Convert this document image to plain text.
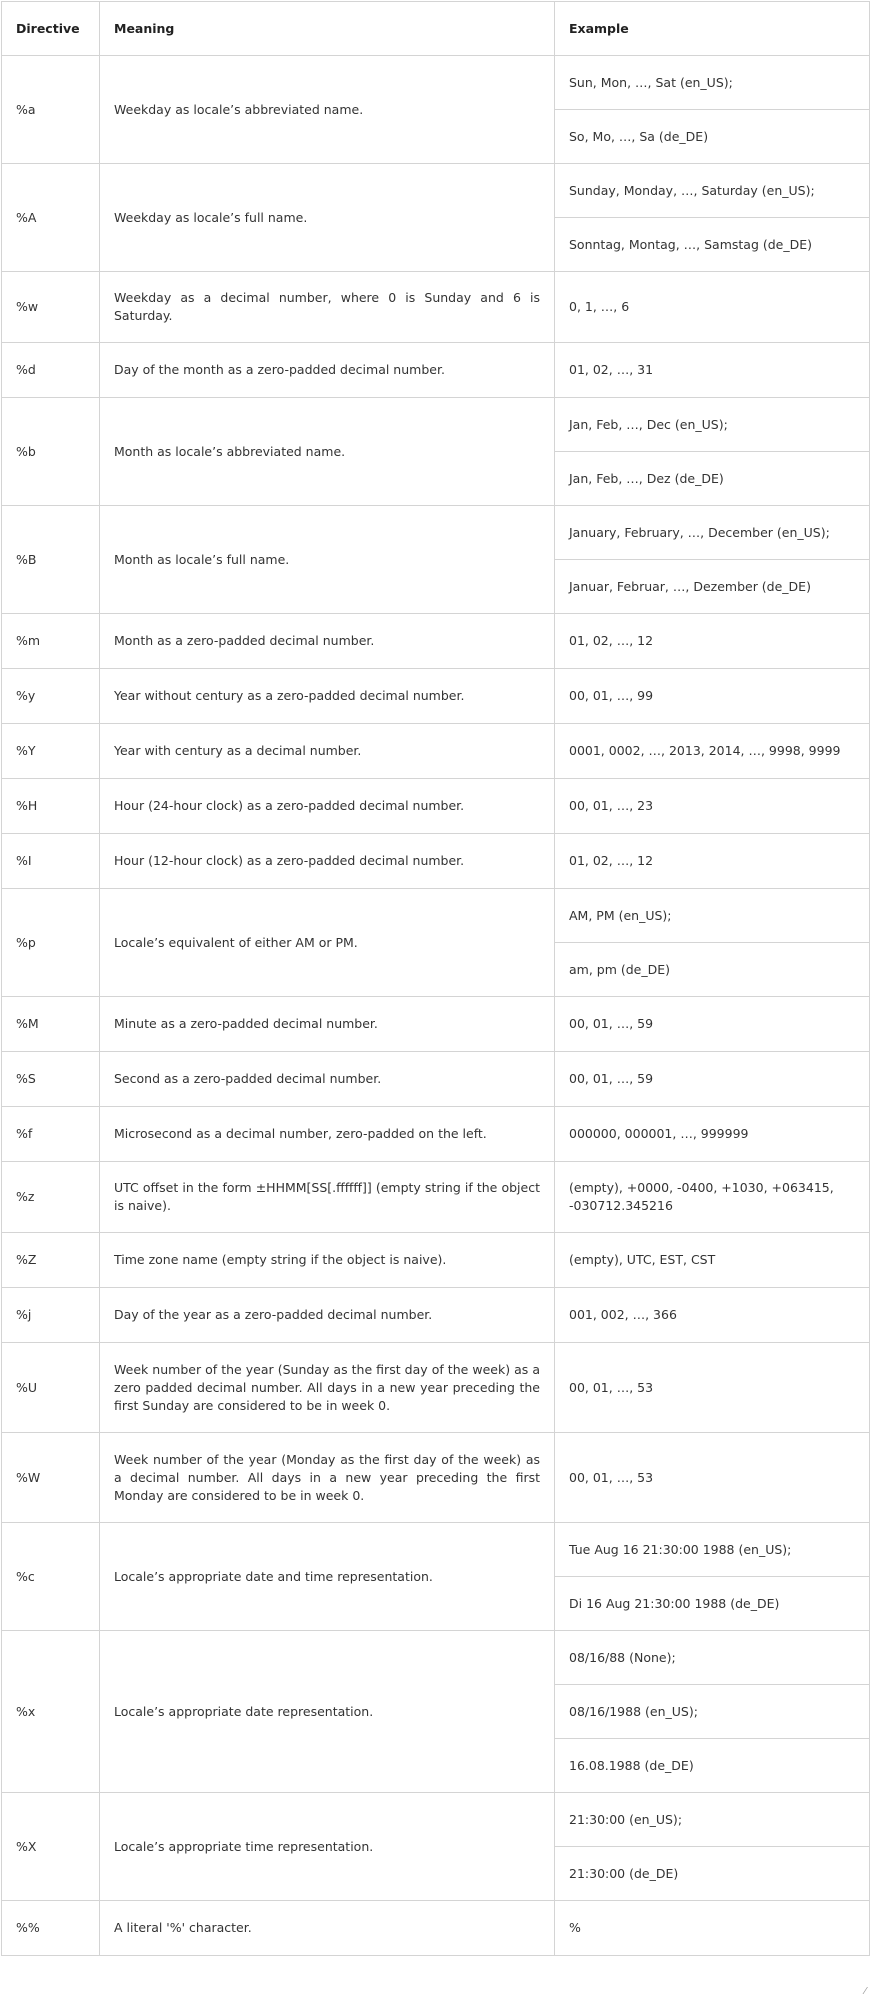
Directive	Meaning	Example
%a	Weekday as locale’s abbreviated name.	Sun, Mon, …, Sat (en_US);
		So, Mo, …, Sa (de_DE)
%A	Weekday as locale’s full name.	Sunday, Monday, …, Saturday (en_US);
		Sonntag, Montag, …, Samstag (de_DE)
%w	Weekday as a decimal number, where 0 is Sunday and 6 is Saturday.	0, 1, …, 6
%d	Day of the month as a zero-padded decimal number.	01, 02, …, 31
%b	Month as locale’s abbreviated name.	Jan, Feb, …, Dec (en_US);
		Jan, Feb, …, Dez (de_DE)
%B	Month as locale’s full name.	January, February, …, December (en_US);
		Januar, Februar, …, Dezember (de_DE)
%m	Month as a zero-padded decimal number.	01, 02, …, 12
%y	Year without century as a zero-padded decimal number.	00, 01, …, 99
%Y	Year with century as a decimal number.	0001, 0002, …, 2013, 2014, …, 9998, 9999
%H	Hour (24-hour clock) as a zero-padded decimal number.	00, 01, …, 23
%I	Hour (12-hour clock) as a zero-padded decimal number.	01, 02, …, 12
%p	Locale’s equivalent of either AM or PM.	AM, PM (en_US);
		am, pm (de_DE)
%M	Minute as a zero-padded decimal number.	00, 01, …, 59
%S	Second as a zero-padded decimal number.	00, 01, …, 59
%f	Microsecond as a decimal number, zero-padded on the left.	000000, 000001, …, 999999
%z	UTC offset in the form ±HHMM[SS[.ffffff]] (empty string if the object is naive).	(empty), +0000, -0400, +1030, +063415, -030712.345216
%Z	Time zone name (empty string if the object is naive).	(empty), UTC, EST, CST
%j	Day of the year as a zero-padded decimal number.	001, 002, …, 366
%U	Week number of the year (Sunday as the first day of the week) as a zero padded decimal number. All days in a new year preceding the first Sunday are considered to be in week 0.	00, 01, …, 53
%W	Week number of the year (Monday as the first day of the week) as a decimal number. All days in a new year preceding the first Monday are considered to be in week 0.	00, 01, …, 53
%c	Locale’s appropriate date and time representation.	Tue Aug 16 21:30:00 1988 (en_US);
		Di 16 Aug 21:30:00 1988 (de_DE)
%x	Locale’s appropriate date representation.	08/16/88 (None);
		08/16/1988 (en_US);
		16.08.1988 (de_DE)
%X	Locale’s appropriate time representation.	21:30:00 (en_US);
		21:30:00 (de_DE)
%%	A literal '%' character.	%
⁄
